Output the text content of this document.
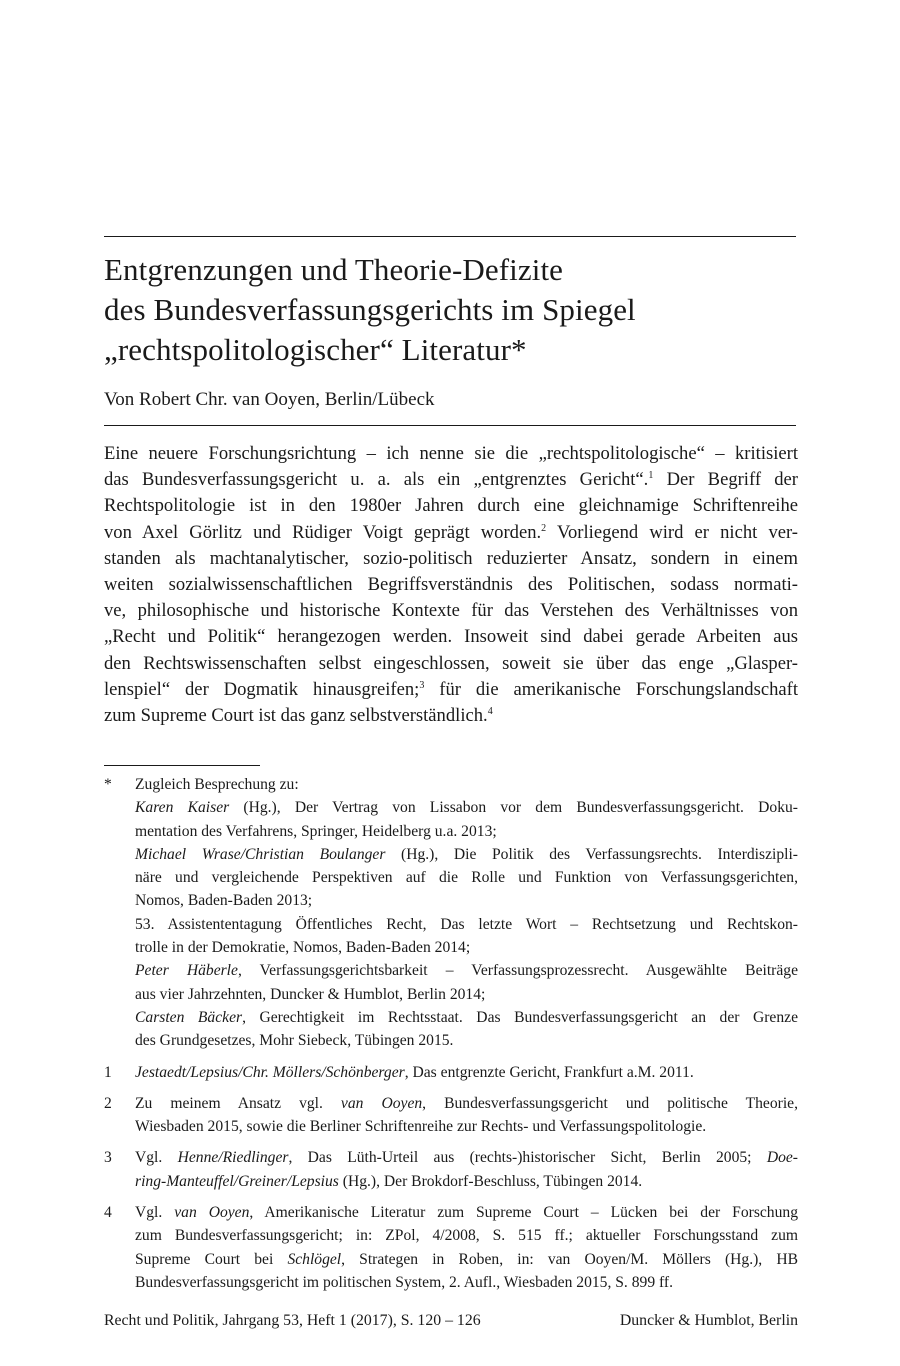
Entgrenzungen und Theorie-Defizite
des Bundesverfassungsgerichts im Spiegel
„rechtspolitologischer“ Literatur*
Von Robert Chr. van Ooyen, Berlin/Lübeck
Eine neuere Forschungsrichtung – ich nenne sie die „rechtspolitologische“ – kritisiert
das Bundesverfassungsgericht u. a. als ein „entgrenztes Gericht“.$^1$ Der Begriff der
Rechtspolitologie ist in den 1980er Jahren durch eine gleichnamige Schriftenreihe
von Axel Görlitz und Rüdiger Voigt geprägt worden.$^2$ Vorliegend wird er nicht ver-
standen als machtanalytischer, sozio-politisch reduzierter Ansatz, sondern in einem
weiten sozialwissenschaftlichen Begriffsverständnis des Politischen, sodass normati-
ve, philosophische und historische Kontexte für das Verstehen des Verhältnisses von
„Recht und Politik“ herangezogen werden. Insoweit sind dabei gerade Arbeiten aus
den Rechtswissenschaften selbst eingeschlossen, soweit sie über das enge „Glasper-
lenspiel“ der Dogmatik hinausgreifen;$^3$ für die amerikanische Forschungslandschaft
zum Supreme Court ist das ganz selbstverständlich.$^4$
* Zugleich Besprechung zu:
Karen Kaiser (Hg.), Der Vertrag von Lissabon vor dem Bundesverfassungsgericht. Doku-
mentation des Verfahrens, Springer, Heidelberg u.a. 2013;
Michael Wrase/Christian Boulanger (Hg.), Die Politik des Verfassungsrechts. Interdiszipli-
näre und vergleichende Perspektiven auf die Rolle und Funktion von Verfassungsgerichten,
Nomos, Baden-Baden 2013;
53. Assistententagung Öffentliches Recht, Das letzte Wort – Rechtsetzung und Rechtskon-
trolle in der Demokratie, Nomos, Baden-Baden 2014;
Peter Häberle, Verfassungsgerichtsbarkeit – Verfassungsprozessrecht. Ausgewählte Beiträge
aus vier Jahrzehnten, Duncker & Humblot, Berlin 2014;
Carsten Bäcker, Gerechtigkeit im Rechtsstaat. Das Bundesverfassungsgericht an der Grenze
des Grundgesetzes, Mohr Siebeck, Tübingen 2015.
1 Jestaedt/Lepsius/Chr. Möllers/Schönberger, Das entgrenzte Gericht, Frankfurt a.M. 2011.
2 Zu meinem Ansatz vgl. van Ooyen, Bundesverfassungsgericht und politische Theorie,
Wiesbaden 2015, sowie die Berliner Schriftenreihe zur Rechts- und Verfassungspolitologie.
3 Vgl. Henne/Riedlinger, Das Lüth-Urteil aus (rechts-)historischer Sicht, Berlin 2005; Doe-
ring-Manteuffel/Greiner/Lepsius (Hg.), Der Brokdorf-Beschluss, Tübingen 2014.
4 Vgl. van Ooyen, Amerikanische Literatur zum Supreme Court – Lücken bei der Forschung
zum Bundesverfassungsgericht; in: ZPol, 4/2008, S. 515 ff.; aktueller Forschungsstand zum
Supreme Court bei Schlögel, Strategen in Roben, in: van Ooyen/M. Möllers (Hg.), HB
Bundesverfassungsgericht im politischen System, 2. Aufl., Wiesbaden 2015, S. 899 ff.
Recht und Politik, Jahrgang 53, Heft 1 (2017), S. 120 – 126	Duncker & Humblot, Berlin
